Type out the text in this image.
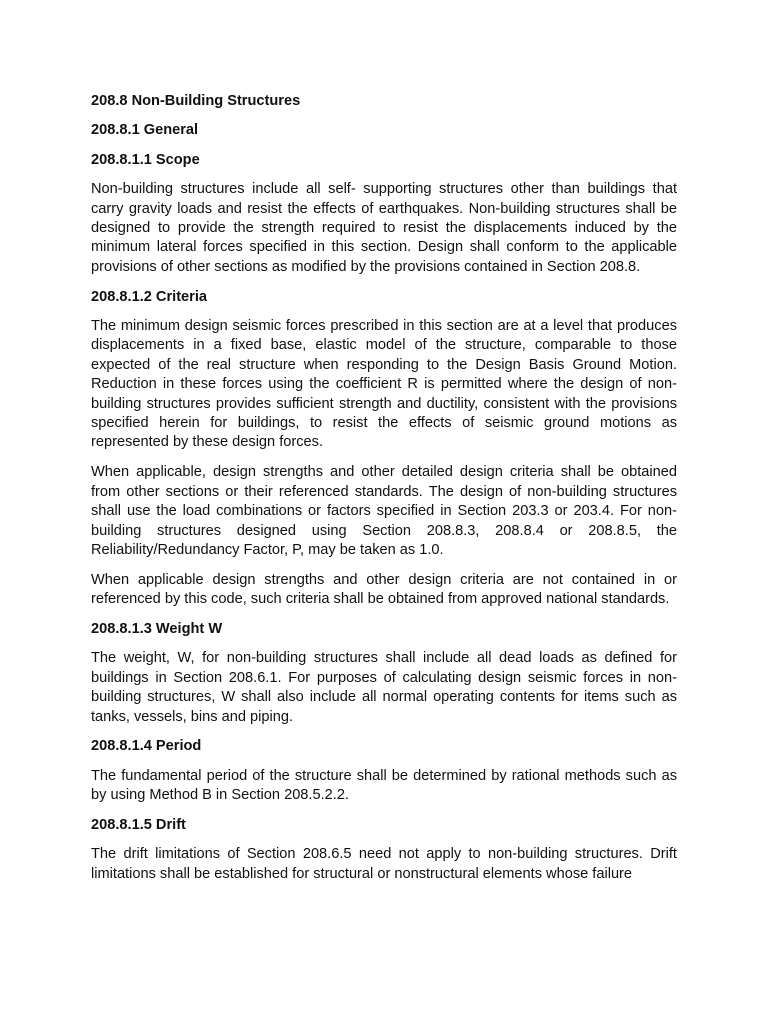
208.8 Non-Building Structures
208.8.1 General
208.8.1.1 Scope

Non-building structures include all self- supporting structures other than buildings that carry gravity loads and resist the effects of earthquakes. Non-building structures shall be designed to provide the strength required to resist the displacements induced by the minimum lateral forces specified in this section. Design shall conform to the applicable provisions of other sections as modified by the provisions contained in Section 208.8.

208.8.1.2 Criteria

The minimum design seismic forces prescribed in this section are at a level that produces displacements in a fixed base, elastic model of the structure, comparable to those expected of the real structure when responding to the Design Basis Ground Motion. Reduction in these forces using the coefficient R is permitted where the design of non-building structures provides sufficient strength and ductility, consistent with the provisions specified herein for buildings, to resist the effects of seismic ground motions as represented by these design forces.

When applicable, design strengths and other detailed design criteria shall be obtained from other sections or their referenced standards. The design of non-building structures shall use the load combinations or factors specified in Section 203.3 or 203.4. For non-building structures designed using Section 208.8.3, 208.8.4 or 208.8.5, the Reliability/Redundancy Factor, P, may be taken as 1.0.

When applicable design strengths and other design criteria are not contained in or referenced by this code, such criteria shall be obtained from approved national standards.

208.8.1.3 Weight W

The weight, W, for non-building structures shall include all dead loads as defined for buildings in Section 208.6.1. For purposes of calculating design seismic forces in non-building structures, W shall also include all normal operating contents for items such as tanks, vessels, bins and piping.

208.8.1.4 Period

The fundamental period of the structure shall be determined by rational methods such as by using Method B in Section 208.5.2.2.

208.8.1.5 Drift

The drift limitations of Section 208.6.5 need not apply to non-building structures. Drift limitations shall be established for structural or nonstructural elements whose failure
